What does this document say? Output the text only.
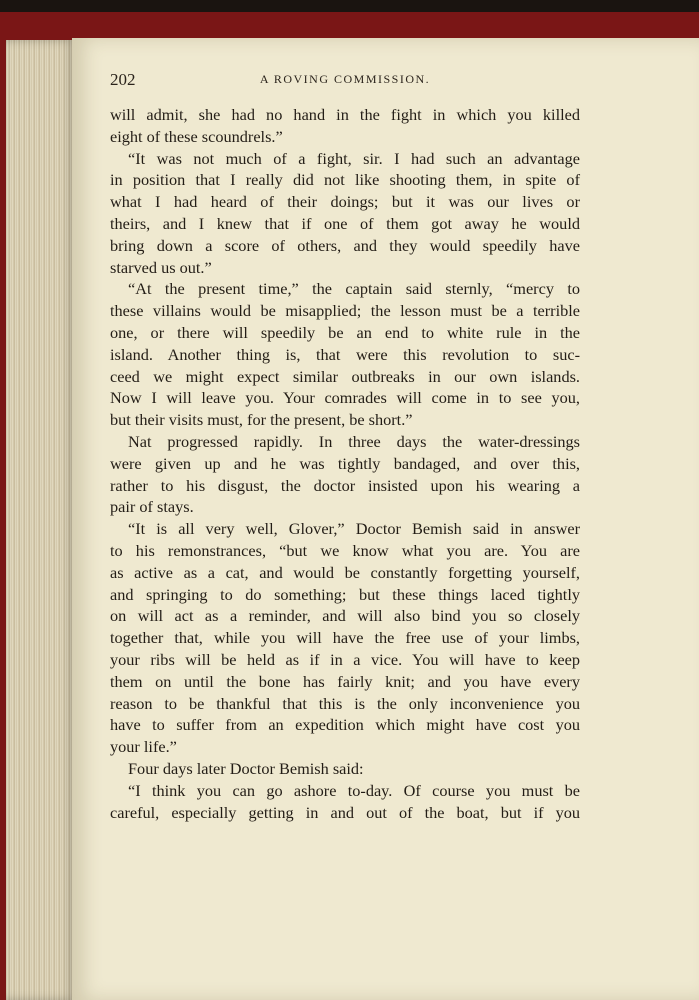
202	A ROVING COMMISSION.
will admit, she had no hand in the fight in which you killed
eight of these scoundrels.”
“It was not much of a fight, sir. I had such an advantage
in position that I really did not like shooting them, in spite of
what I had heard of their doings; but it was our lives or
theirs, and I knew that if one of them got away he would
bring down a score of others, and they would speedily have
starved us out.”
“At the present time,” the captain said sternly, “mercy to
these villains would be misapplied; the lesson must be a terrible
one, or there will speedily be an end to white rule in the
island. Another thing is, that were this revolution to suc-
ceed we might expect similar outbreaks in our own islands.
Now I will leave you. Your comrades will come in to see you,
but their visits must, for the present, be short.”
Nat progressed rapidly. In three days the water-dressings
were given up and he was tightly bandaged, and over this,
rather to his disgust, the doctor insisted upon his wearing a
pair of stays.
“It is all very well, Glover,” Doctor Bemish said in answer
to his remonstrances, “but we know what you are. You are
as active as a cat, and would be constantly forgetting yourself,
and springing to do something; but these things laced tightly
on will act as a reminder, and will also bind you so closely
together that, while you will have the free use of your limbs,
your ribs will be held as if in a vice. You will have to keep
them on until the bone has fairly knit; and you have every
reason to be thankful that this is the only inconvenience you
have to suffer from an expedition which might have cost you
your life.”
Four days later Doctor Bemish said:
“I think you can go ashore to-day. Of course you must be
careful, especially getting in and out of the boat, but if you
